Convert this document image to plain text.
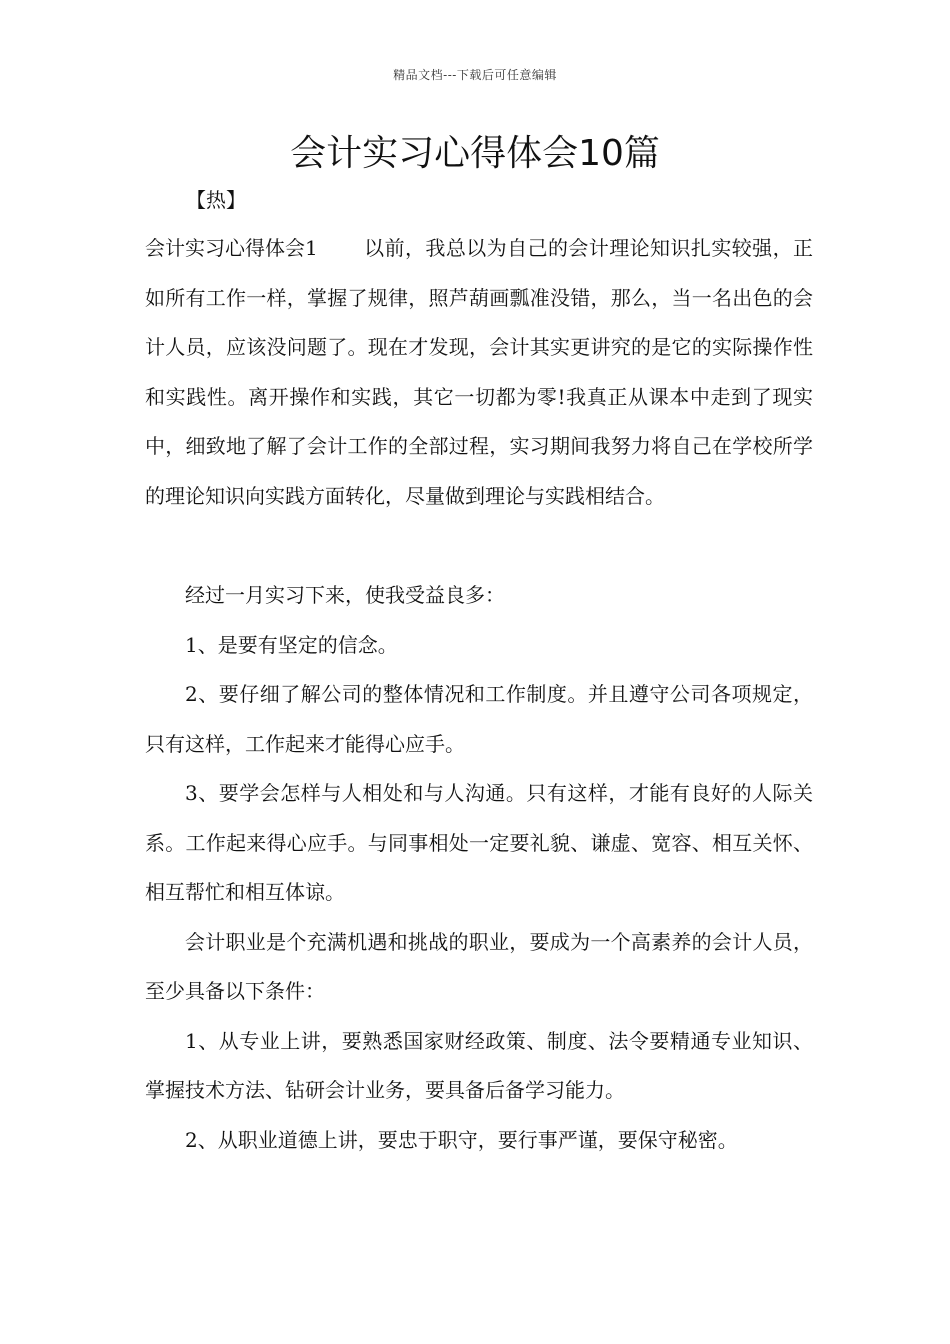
精品文档---下载后可任意编辑
会计实习心得体会10篇
【热】

会计实习心得体会1 以前，我总以为自己的会计理论知识扎实较强，正如所有工作一样，掌握了规律，照芦葫画瓢准没错，那么，当一名出色的会计人员，应该没问题了。现在才发现，会计其实更讲究的是它的实际操作性和实践性。离开操作和实践，其它一切都为零!我真正从课本中走到了现实中，细致地了解了会计工作的全部过程，实习期间我努力将自己在学校所学的理论知识向实践方面转化，尽量做到理论与实践相结合。

经过一月实习下来，使我受益良多：

1、是要有坚定的信念。

2、要仔细了解公司的整体情况和工作制度。并且遵守公司各项规定，只有这样，工作起来才能得心应手。

3、要学会怎样与人相处和与人沟通。只有这样，才能有良好的人际关系。工作起来得心应手。与同事相处一定要礼貌、谦虚、宽容、相互关怀、相互帮忙和相互体谅。

会计职业是个充满机遇和挑战的职业，要成为一个高素养的会计人员，至少具备以下条件：

1、从专业上讲，要熟悉国家财经政策、制度、法令要精通专业知识、掌握技术方法、钻研会计业务，要具备后备学习能力。

2、从职业道德上讲，要忠于职守，要行事严谨，要保守秘密。
